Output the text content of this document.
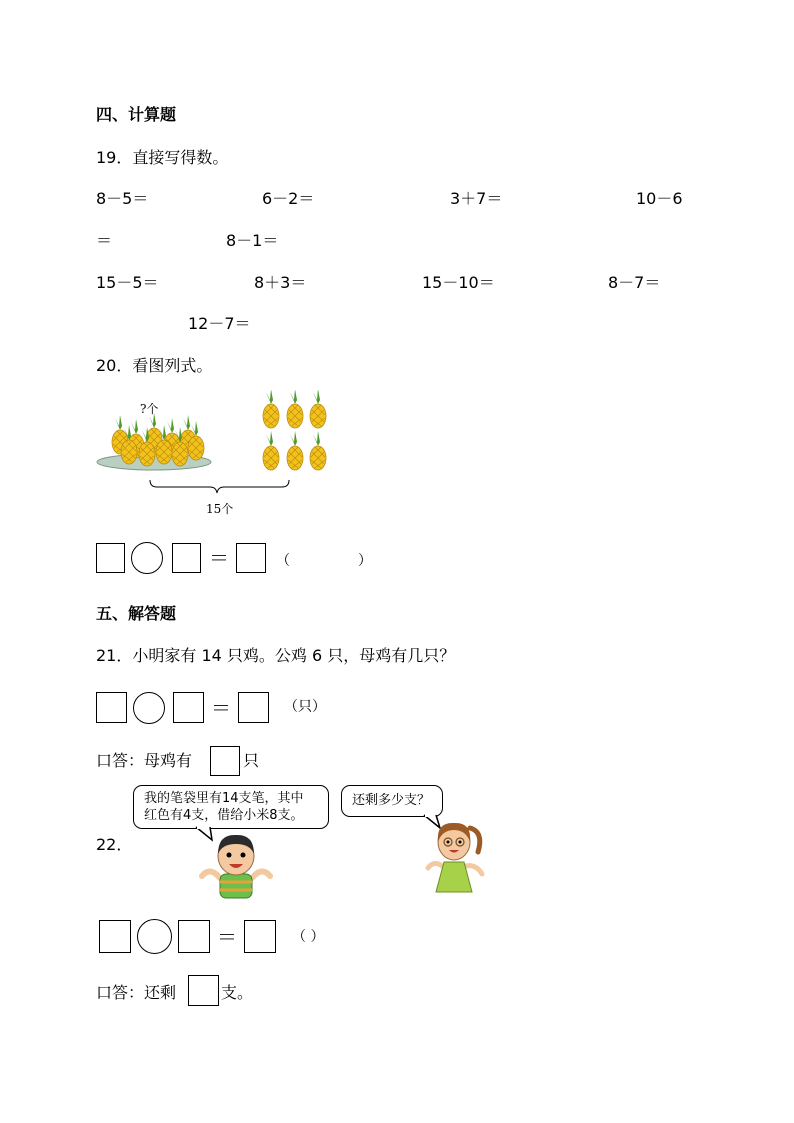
四、计算题
19．直接写得数。
8－5＝	6－2＝	3＋7＝	10－6
＝	8－1＝
15－5＝	8＋3＝	15－10＝	8－7＝
12－7＝
20．看图列式。
?个
15个
＝	（	）
五、解答题
21．小明家有 14 只鸡。公鸡 6 只，母鸡有几只？
＝	（只）
口答：母鸡有	只
22．
我的笔袋里有14支笔，其中
红色有4支，借给小米8支。
还剩多少支？
＝	（ ）
口答：还剩	支。
